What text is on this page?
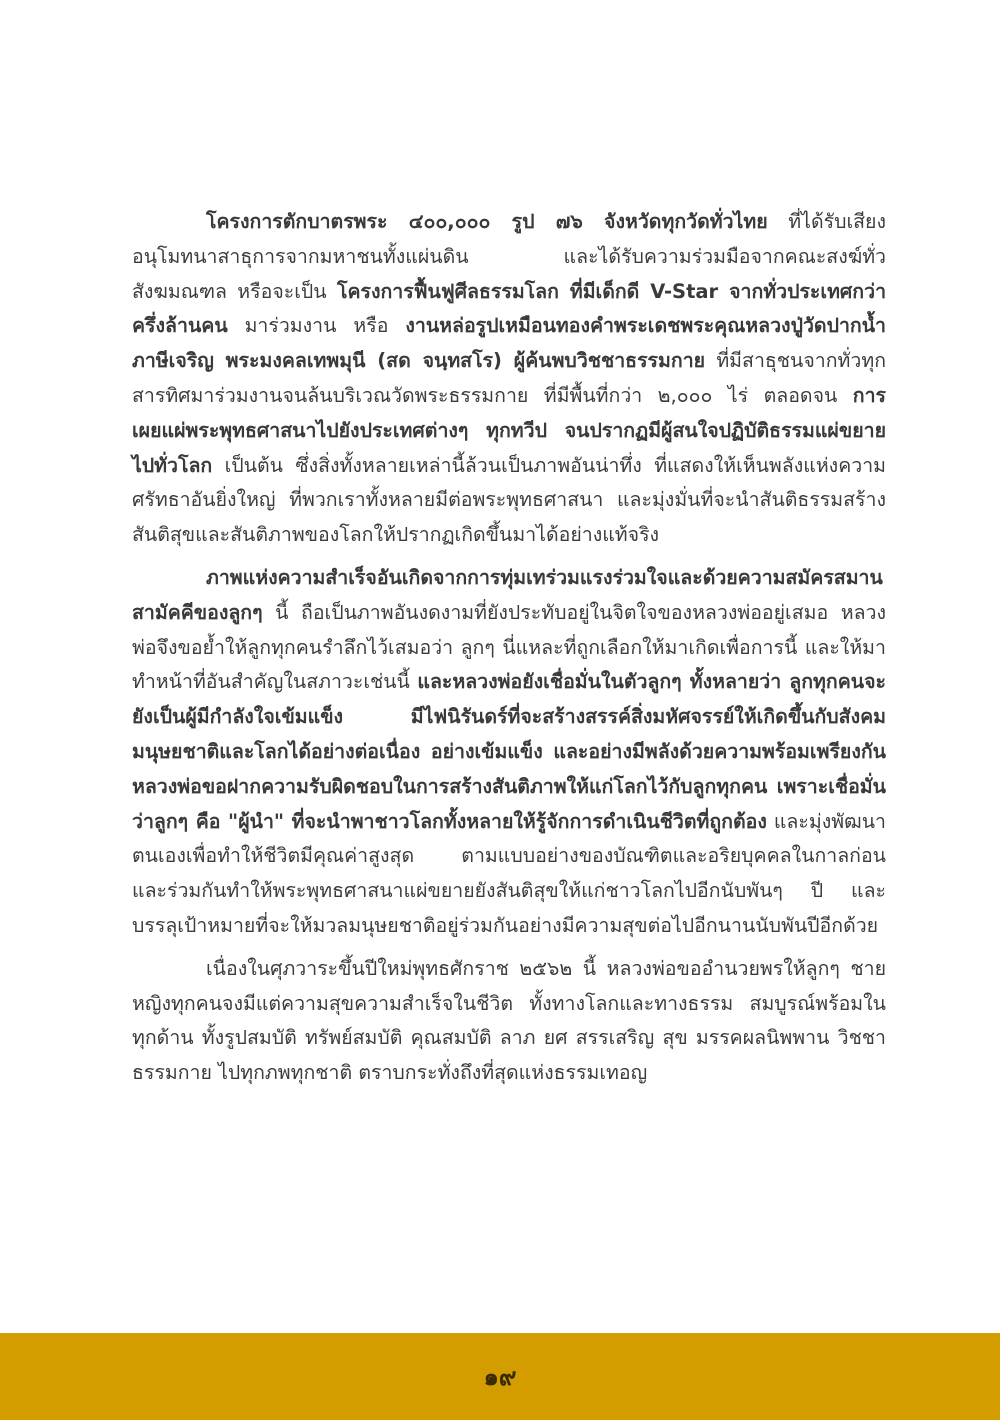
โครงการตักบาตรพระ ๔๐๐,๐๐๐ รูป ๗๖ จังหวัดทุกวัดทั่วไทย ที่ได้รับเสียงอนุโมทนาสาธุการจากมหาชนทั้งแผ่นดิน และได้รับความร่วมมือจากคณะสงฆ์ทั่วสังฆมณฑล หรือจะเป็น โครงการฟื้นฟูศีลธรรมโลก ที่มีเด็กดี V-Star จากทั่วประเทศกว่าครึ่งล้านคน มาร่วมงาน หรือ งานหล่อรูปเหมือนทองคำพระเดชพระคุณหลวงปู่วัดปากน้ำ ภาษีเจริญ พระมงคลเทพมุนี (สด จนฺทสโร) ผู้ค้นพบวิชชาธรรมกาย ที่มีสาธุชนจากทั่วทุกสารทิศมาร่วมงานจนล้นบริเวณวัดพระธรรมกาย ที่มีพื้นที่กว่า ๒,๐๐๐ ไร่ ตลอดจน การเผยแผ่พระพุทธศาสนาไปยังประเทศต่างๆ ทุกทวีป จนปรากฏมีผู้สนใจปฏิบัติธรรมแผ่ขยายไปทั่วโลก เป็นต้น ซึ่งสิ่งทั้งหลายเหล่านี้ล้วนเป็นภาพอันน่าทึ่ง ที่แสดงให้เห็นพลังแห่งความศรัทธาอันยิ่งใหญ่ ที่พวกเราทั้งหลายมีต่อพระพุทธศาสนา และมุ่งมั่นที่จะนำสันติธรรมสร้างสันติสุขและสันติภาพของโลกให้ปรากฏเกิดขึ้นมาได้อย่างแท้จริง

ภาพแห่งความสำเร็จอันเกิดจากการทุ่มเทร่วมแรงร่วมใจและด้วยความสมัครสมานสามัคคีของลูกๆ นี้ ถือเป็นภาพอันงดงามที่ยังประทับอยู่ในจิตใจของหลวงพ่ออยู่เสมอ หลวงพ่อจึงขอย้ำให้ลูกทุกคนรำลึกไว้เสมอว่า ลูกๆ นี่แหละที่ถูกเลือกให้มาเกิดเพื่อการนี้ และให้มาทำหน้าที่อันสำคัญในสภาวะเช่นนี้ และหลวงพ่อยังเชื่อมั่นในตัวลูกๆ ทั้งหลายว่า ลูกทุกคนจะยังเป็นผู้มีกำลังใจเข้มแข็ง มีไฟนิรันดร์ที่จะสร้างสรรค์สิ่งมหัศจรรย์ให้เกิดขึ้นกับสังคมมนุษยชาติและโลกได้อย่างต่อเนื่อง อย่างเข้มแข็ง และอย่างมีพลังด้วยความพร้อมเพรียงกัน หลวงพ่อขอฝากความรับผิดชอบในการสร้างสันติภาพให้แก่โลกไว้กับลูกทุกคน เพราะเชื่อมั่นว่าลูกๆ คือ "ผู้นำ" ที่จะนำพาชาวโลกทั้งหลายให้รู้จักการดำเนินชีวิตที่ถูกต้อง และมุ่งพัฒนาตนเองเพื่อทำให้ชีวิตมีคุณค่าสูงสุด ตามแบบอย่างของบัณฑิตและอริยบุคคลในกาลก่อน และร่วมกันทำให้พระพุทธศาสนาแผ่ขยายยังสันติสุขให้แก่ชาวโลกไปอีกนับพันๆ ปี และบรรลุเป้าหมายที่จะให้มวลมนุษยชาติอยู่ร่วมกันอย่างมีความสุขต่อไปอีกนานนับพันปีอีกด้วย

เนื่องในศุภวาระขึ้นปีใหม่พุทธศักราช ๒๕๖๒ นี้ หลวงพ่อขออำนวยพรให้ลูกๆ ชายหญิงทุกคนจงมีแต่ความสุขความสำเร็จในชีวิต ทั้งทางโลกและทางธรรม สมบูรณ์พร้อมในทุกด้าน ทั้งรูปสมบัติ ทรัพย์สมบัติ คุณสมบัติ ลาภ ยศ สรรเสริญ สุข มรรคผลนิพพาน วิชชาธรรมกาย ไปทุกภพทุกชาติ ตราบกระทั่งถึงที่สุดแห่งธรรมเทอญ

๑๙
